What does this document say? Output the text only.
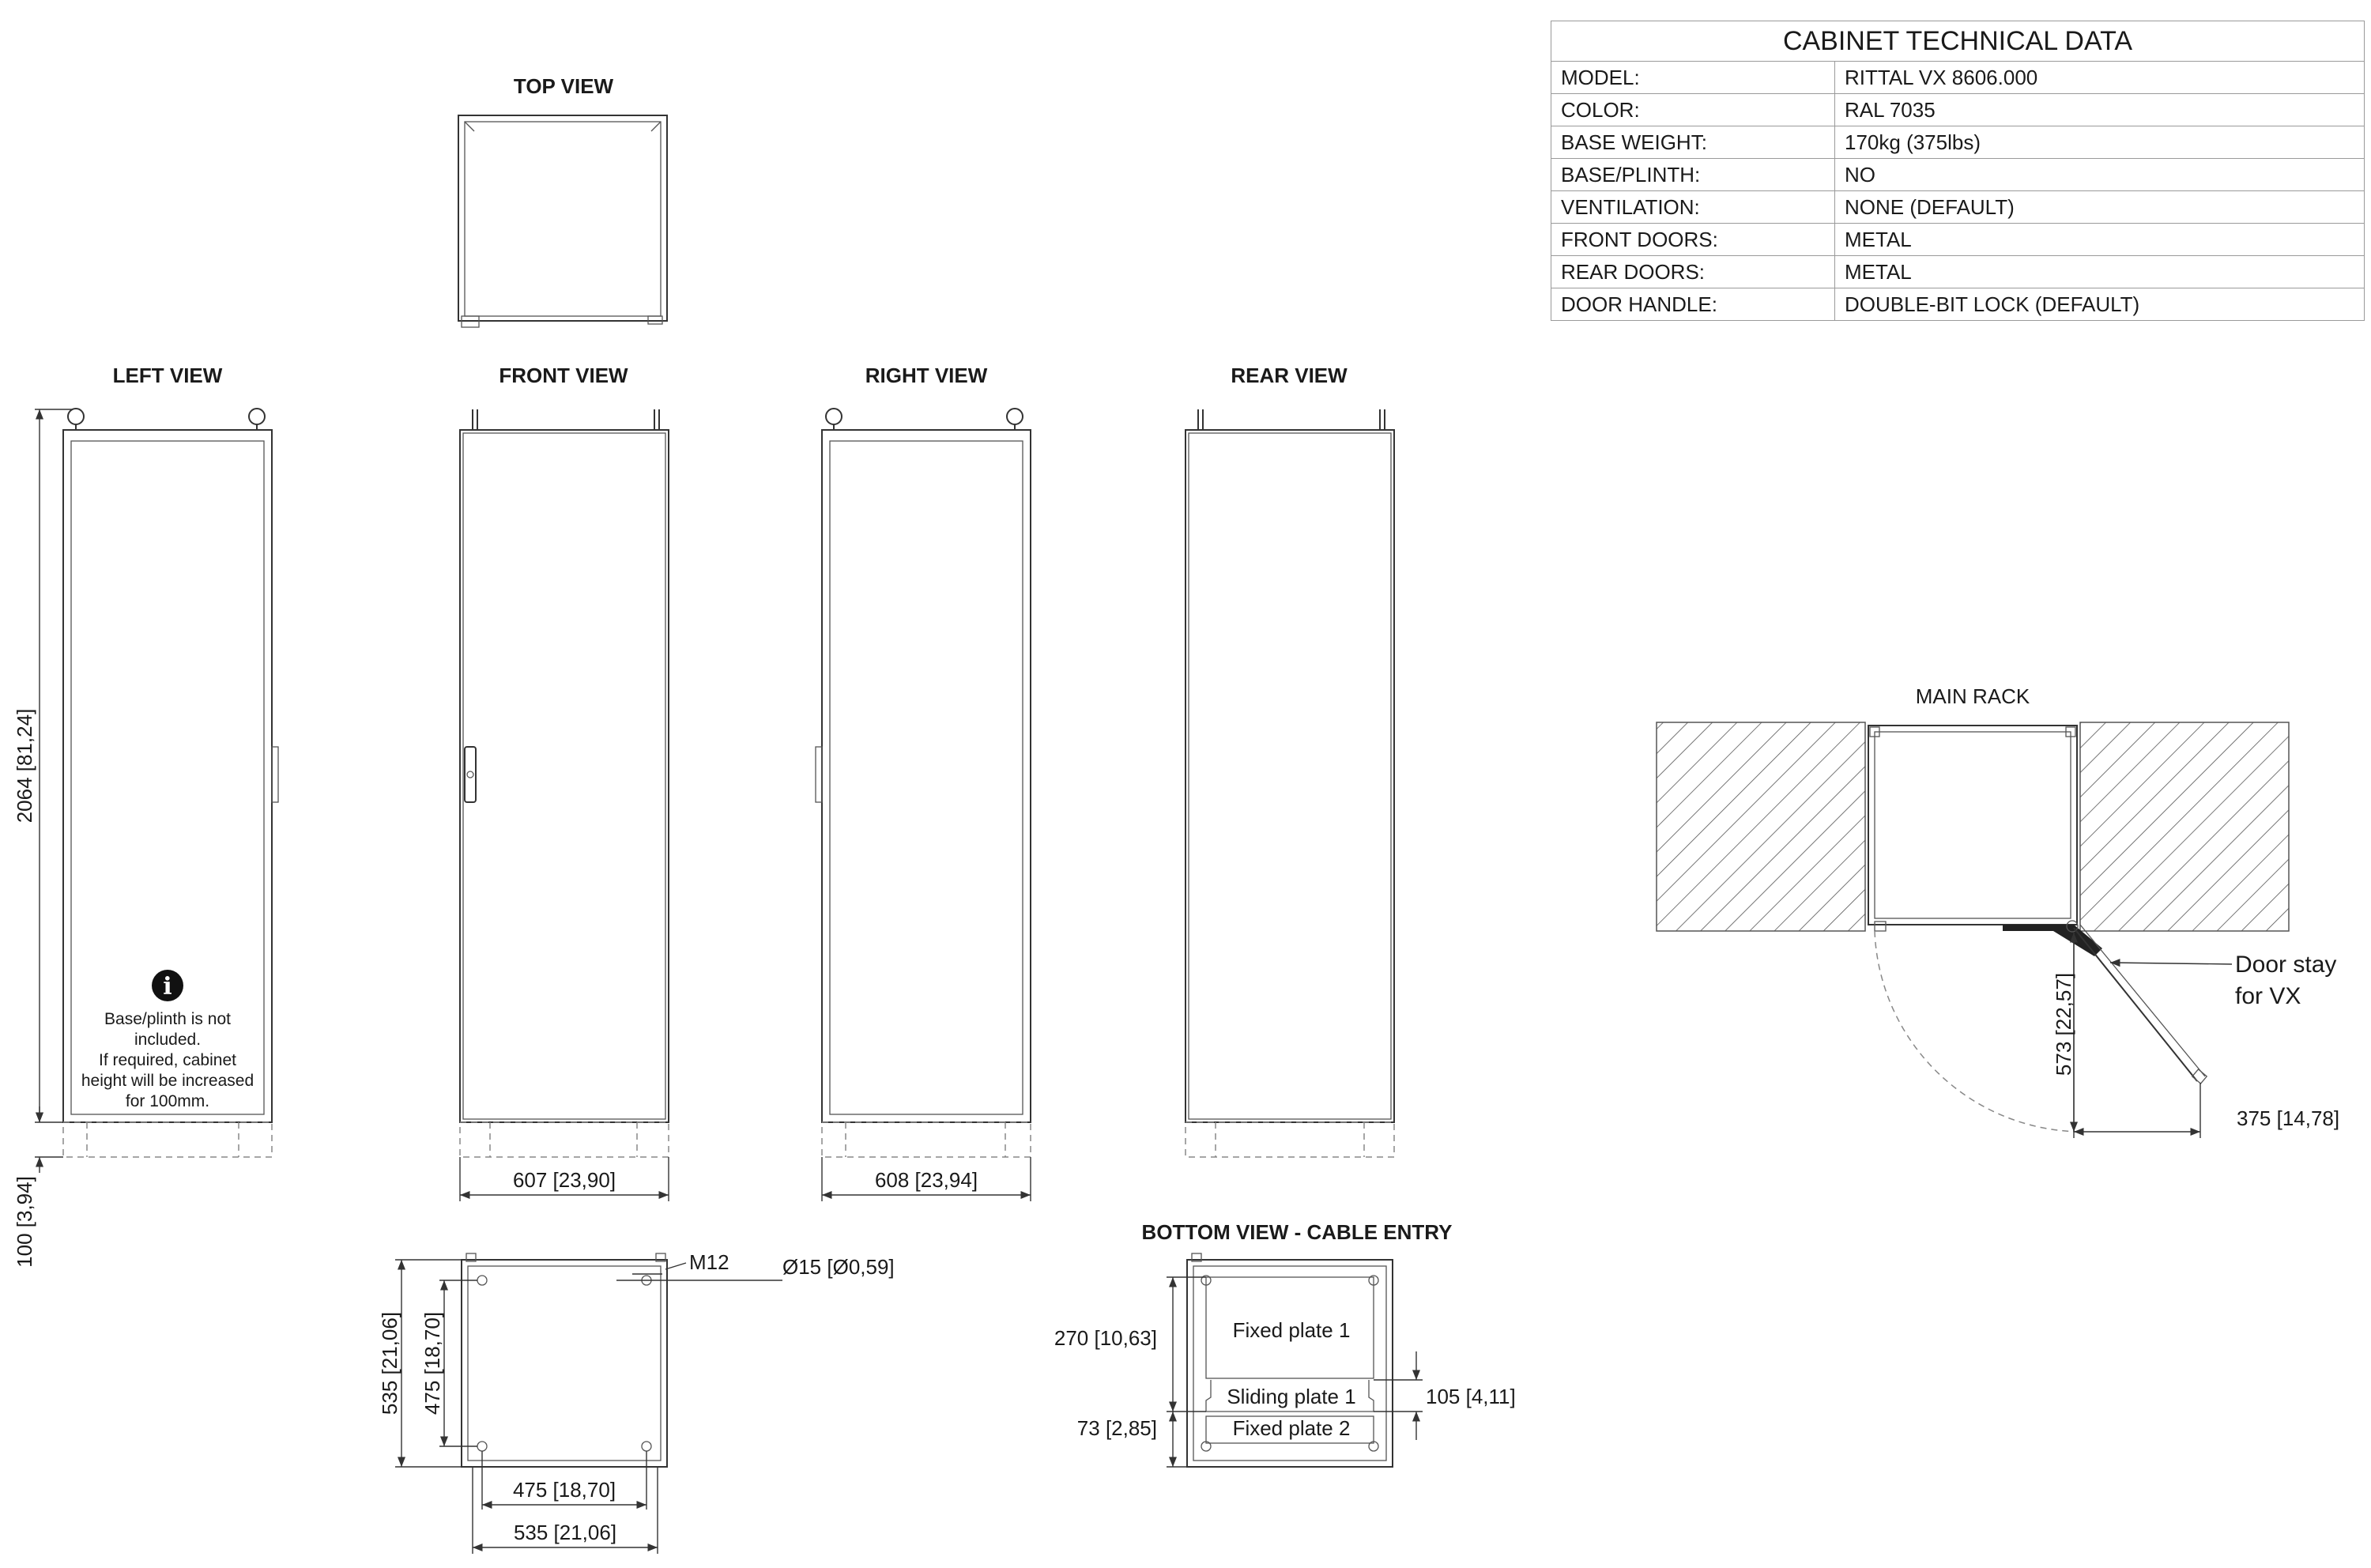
TOP VIEW
LEFT VIEW
i
Base/plinth is not
included.
If required, cabinet
height will be increased
for 100mm.
2064 [81,24]
100 [3,94]
FRONT VIEW
607 [23,90]
RIGHT VIEW
608 [23,94]
REAR VIEW
M12	Ø15 [Ø0,59]
535 [21,06] 475 [18,70]
475 [18,70]
535 [21,06]
BOTTOM VIEW - CABLE ENTRY
Fixed plate 1
Sliding plate 1
Fixed plate 2
270 [10,63]
73 [2,85]
105 [4,11]
MAIN RACK
Door stay
for VX
573 [22,57]
375 [14,78]
CABINET TECHNICAL DATA	
MODEL:	RITTAL VX 8606.000
COLOR:	RAL 7035
BASE WEIGHT:	170kg (375lbs)
BASE/PLINTH:	NO
VENTILATION:	NONE (DEFAULT)
FRONT DOORS:	METAL
REAR DOORS:	METAL
DOOR HANDLE:	DOUBLE-BIT LOCK (DEFAULT)
